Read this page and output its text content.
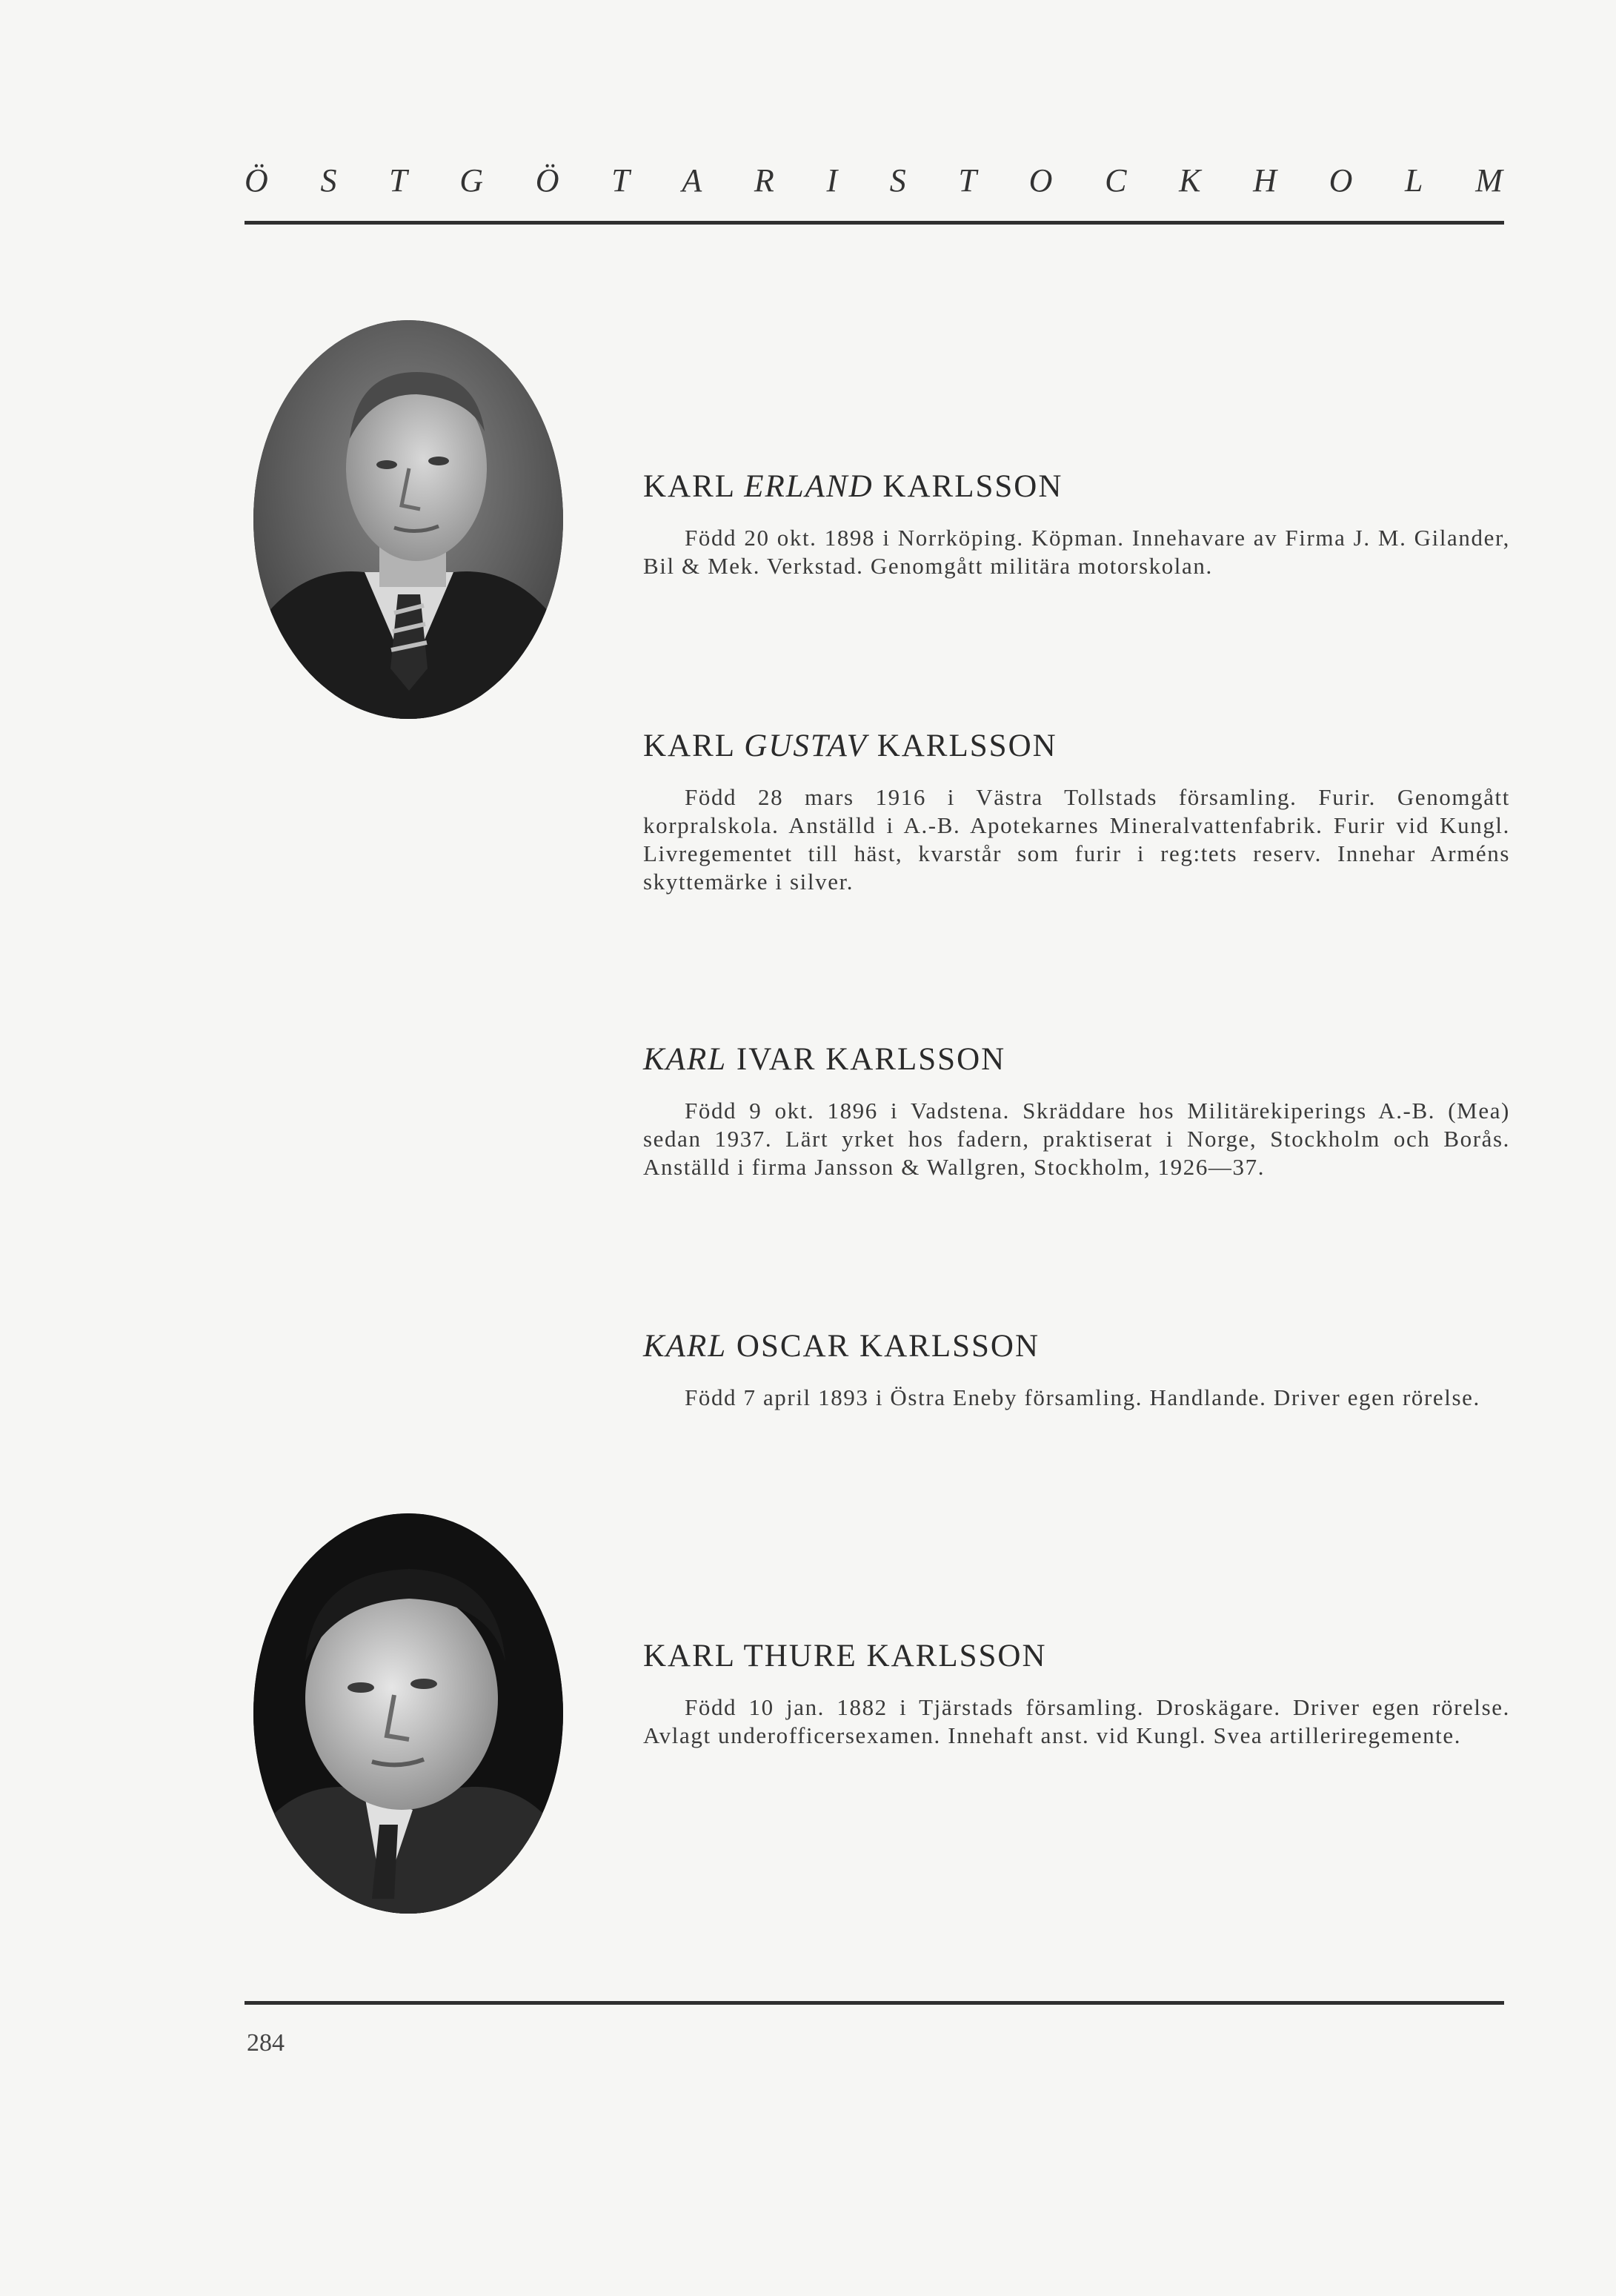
Ö S T G Ö T A R I S T O C K H O L M
KARL ERLAND KARLSSON

Född 20 okt. 1898 i Norrköping. Köpman. Innehavare av Firma J. M. Gilander, Bil & Mek. Verkstad. Genomgått militära motorskolan.

KARL GUSTAV KARLSSON

Född 28 mars 1916 i Västra Tollstads församling. Furir. Genomgått korpralskola. Anställd i A.-B. Apotekarnes Mineralvattenfabrik. Furir vid Kungl. Livregementet till häst, kvarstår som furir i reg:tets reserv. Innehar Arméns skyttemärke i silver.

KARL IVAR KARLSSON

Född 9 okt. 1896 i Vadstena. Skräddare hos Militärekiperings A.-B. (Mea) sedan 1937. Lärt yrket hos fadern, praktiserat i Norge, Stockholm och Borås. Anställd i firma Jansson & Wallgren, Stockholm, 1926—37.

KARL OSCAR KARLSSON

Född 7 april 1893 i Östra Eneby församling. Handlande. Driver egen rörelse.

KARL THURE KARLSSON

Född 10 jan. 1882 i Tjärstads församling. Droskägare. Driver egen rörelse. Avlagt underofficersexamen. Innehaft anst. vid Kungl. Svea artilleriregemente.

284
